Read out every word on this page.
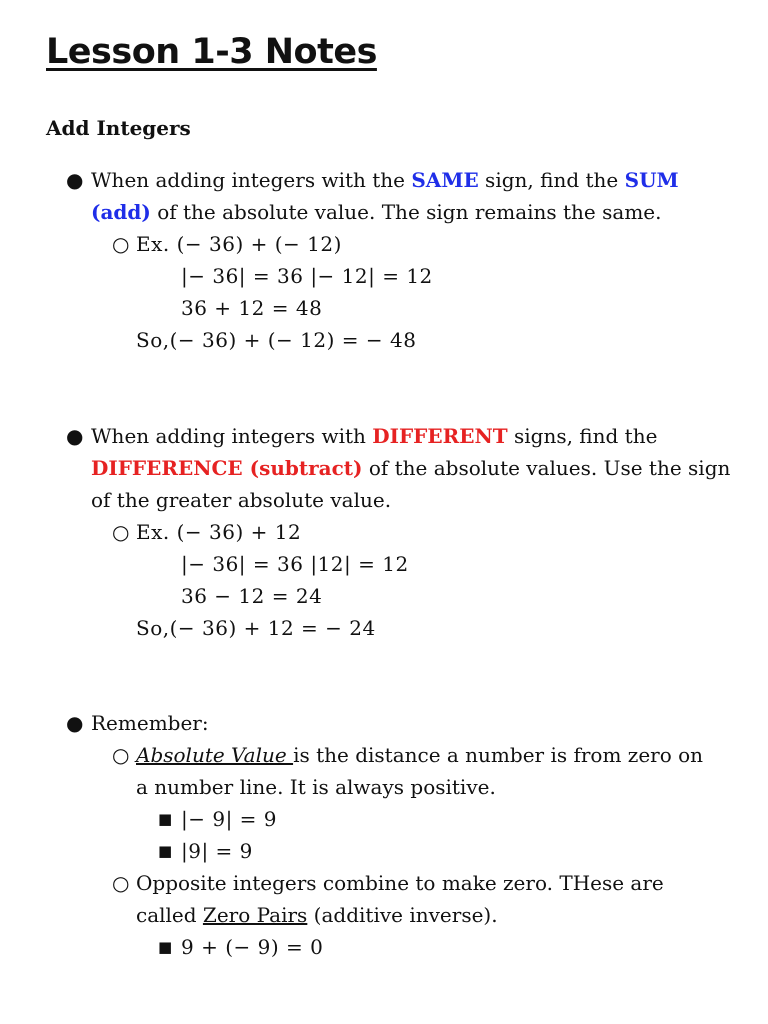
Lesson 1-3 Notes
Add Integers
● When adding integers with the SAME sign, find the SUM

(add) of the absolute value. The sign remains the same.

○ Ex. (− 36) + (− 12)

|− 36| = 36 |− 12| = 12

36 + 12 = 48

So,(− 36) + (− 12) = − 48

● When adding integers with DIFFERENT signs, find the

DIFFERENCE (subtract) of the absolute values. Use the sign

of the greater absolute value.

○ Ex. (− 36) + 12

|− 36| = 36 |12| = 12

36 − 12 = 24

So,(− 36) + 12 = − 24

● Remember:

○ Absolute Value is the distance a number is from zero on

a number line. It is always positive.

■ |− 9| = 9

■ |9| = 9

○ Opposite integers combine to make zero. THese are

called Zero Pairs (additive inverse).

■ 9 + (− 9) = 0
